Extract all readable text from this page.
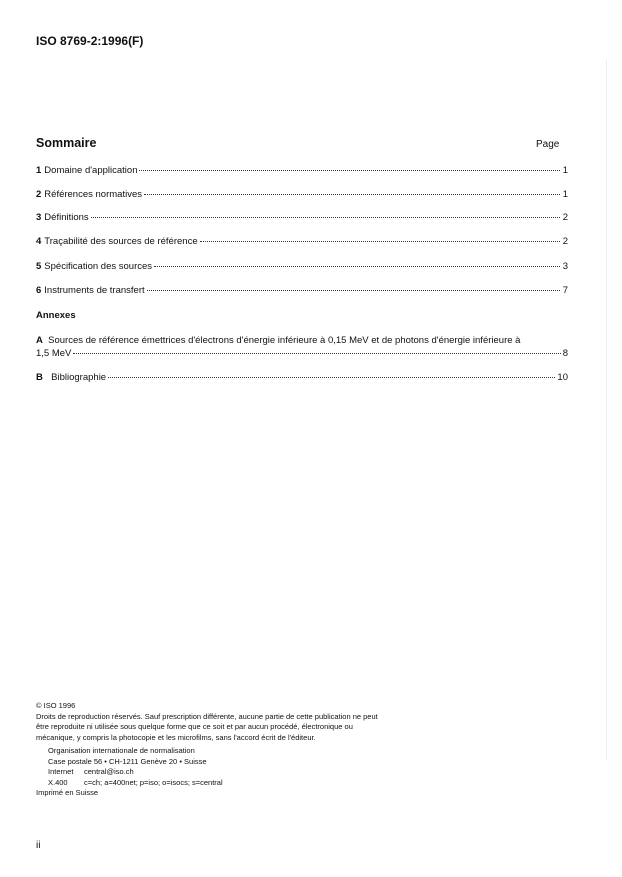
ISO 8769-2:1996(F)
Sommaire	Page
1 Domaine d'application	1
2 Références normatives	1
3 Définitions	2
4 Traçabilité des sources de référence	2
5 Spécification des sources	3
6 Instruments de transfert	7
Annexes
A Sources de référence émettrices d'électrons d'énergie inférieure à 0,15 MeV et de photons d'énergie inférieure à
1,5 MeV	8
B
Bibliographie	10
© ISO 1996
Droits de reproduction réservés. Sauf prescription différente, aucune partie de cette publication ne peut être reproduite ni utilisée sous quelque forme que ce soit et par aucun procédé, électronique ou mécanique, y compris la photocopie et les microfilms, sans l'accord écrit de l'éditeur.
Organisation internationale de normalisation
Case postale 56 • CH-1211 Genève 20 • Suisse
Internet	central@iso.ch
X.400	c=ch; a=400net; p=iso; o=isocs; s=central
Imprimé en Suisse
ii
